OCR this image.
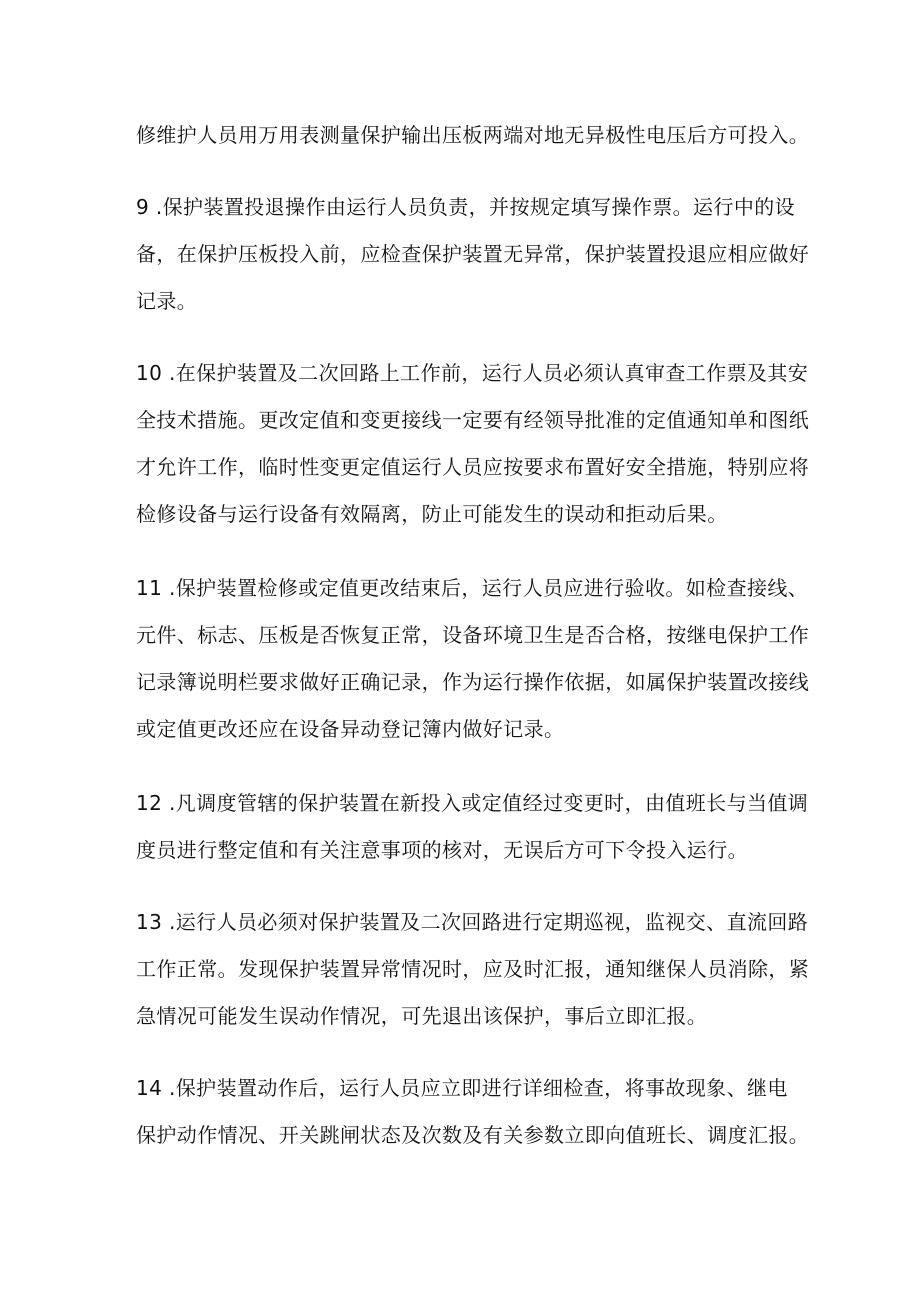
修维护人员用万用表测量保护输出压板两端对地无异极性电压后方可投入。
9 .保护装置投退操作由运行人员负责，并按规定填写操作票。运行中的设
备，在保护压板投入前，应检查保护装置无异常，保护装置投退应相应做好
记录。
10 .在保护装置及二次回路上工作前，运行人员必须认真审查工作票及其安
全技术措施。更改定值和变更接线一定要有经领导批准的定值通知单和图纸
才允许工作，临时性变更定值运行人员应按要求布置好安全措施，特别应将
检修设备与运行设备有效隔离，防止可能发生的误动和拒动后果。
11 .保护装置检修或定值更改结束后，运行人员应进行验收。如检查接线、
元件、标志、压板是否恢复正常，设备环境卫生是否合格，按继电保护工作
记录簿说明栏要求做好正确记录，作为运行操作依据，如属保护装置改接线
或定值更改还应在设备异动登记簿内做好记录。
12 .凡调度管辖的保护装置在新投入或定值经过变更时，由值班长与当值调
度员进行整定值和有关注意事项的核对，无误后方可下令投入运行。
13 .运行人员必须对保护装置及二次回路进行定期巡视，监视交、直流回路
工作正常。发现保护装置异常情况时，应及时汇报，通知继保人员消除，紧
急情况可能发生误动作情况，可先退出该保护，事后立即汇报。
14 .保护装置动作后，运行人员应立即进行详细检查，将事故现象、继电
保护动作情况、开关跳闸状态及次数及有关参数立即向值班长、调度汇报。
